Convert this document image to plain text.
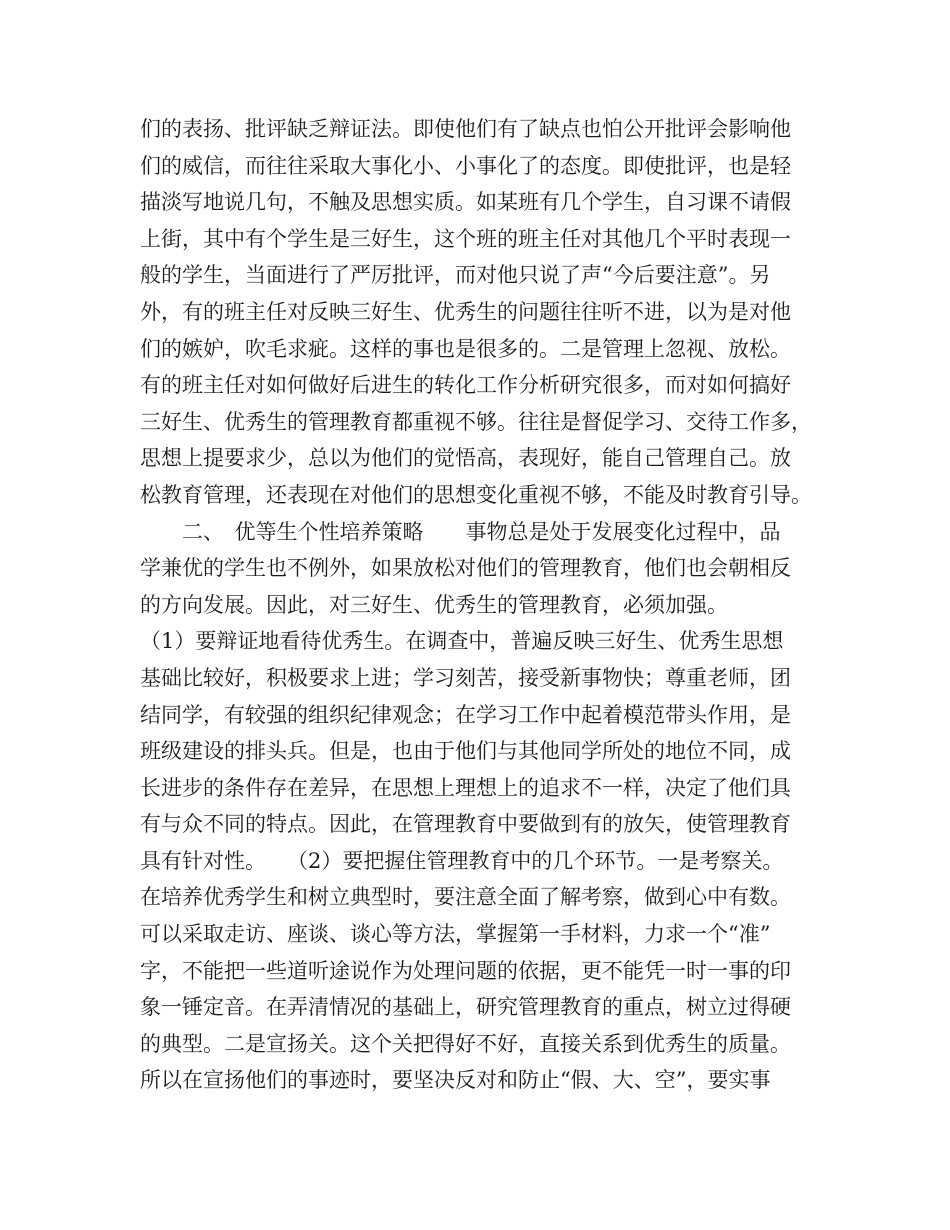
们的表扬、批评缺乏辩证法。即使他们有了缺点也怕公开批评会影响他
们的威信，而往往采取大事化小、小事化了的态度。即使批评，也是轻
描淡写地说几句，不触及思想实质。如某班有几个学生，自习课不请假
上街，其中有个学生是三好生，这个班的班主任对其他几个平时表现一
般的学生，当面进行了严厉批评，而对他只说了声“今后要注意”。另
外，有的班主任对反映三好生、优秀生的问题往往听不进，以为是对他
们的嫉妒，吹毛求疵。这样的事也是很多的。二是管理上忽视、放松。
有的班主任对如何做好后进生的转化工作分析研究很多，而对如何搞好
三好生、优秀生的管理教育都重视不够。往往是督促学习、交待工作多，
思想上提要求少，总以为他们的觉悟高，表现好，能自己管理自己。放
松教育管理，还表现在对他们的思想变化重视不够，不能及时教育引导。
　　二、　优等生个性培养策略　　事物总是处于发展变化过程中，品
学兼优的学生也不例外，如果放松对他们的管理教育，他们也会朝相反
的方向发展。因此，对三好生、优秀生的管理教育，必须加强。
（1）要辩证地看待优秀生。在调查中，普遍反映三好生、优秀生思想
基础比较好，积极要求上进；学习刻苦，接受新事物快；尊重老师，团
结同学，有较强的组织纪律观念；在学习工作中起着模范带头作用，是
班级建设的排头兵。但是，也由于他们与其他同学所处的地位不同，成
长进步的条件存在差异，在思想上理想上的追求不一样，决定了他们具
有与众不同的特点。因此，在管理教育中要做到有的放矢，使管理教育
具有针对性。　　（2）要把握住管理教育中的几个环节。一是考察关。
在培养优秀学生和树立典型时，要注意全面了解考察，做到心中有数。
可以采取走访、座谈、谈心等方法，掌握第一手材料，力求一个“准”
字，不能把一些道听途说作为处理问题的依据，更不能凭一时一事的印
象一锤定音。在弄清情况的基础上，研究管理教育的重点，树立过得硬
的典型。二是宣扬关。这个关把得好不好，直接关系到优秀生的质量。
所以在宣扬他们的事迹时，要坚决反对和防止“假、大、空”，要实事
